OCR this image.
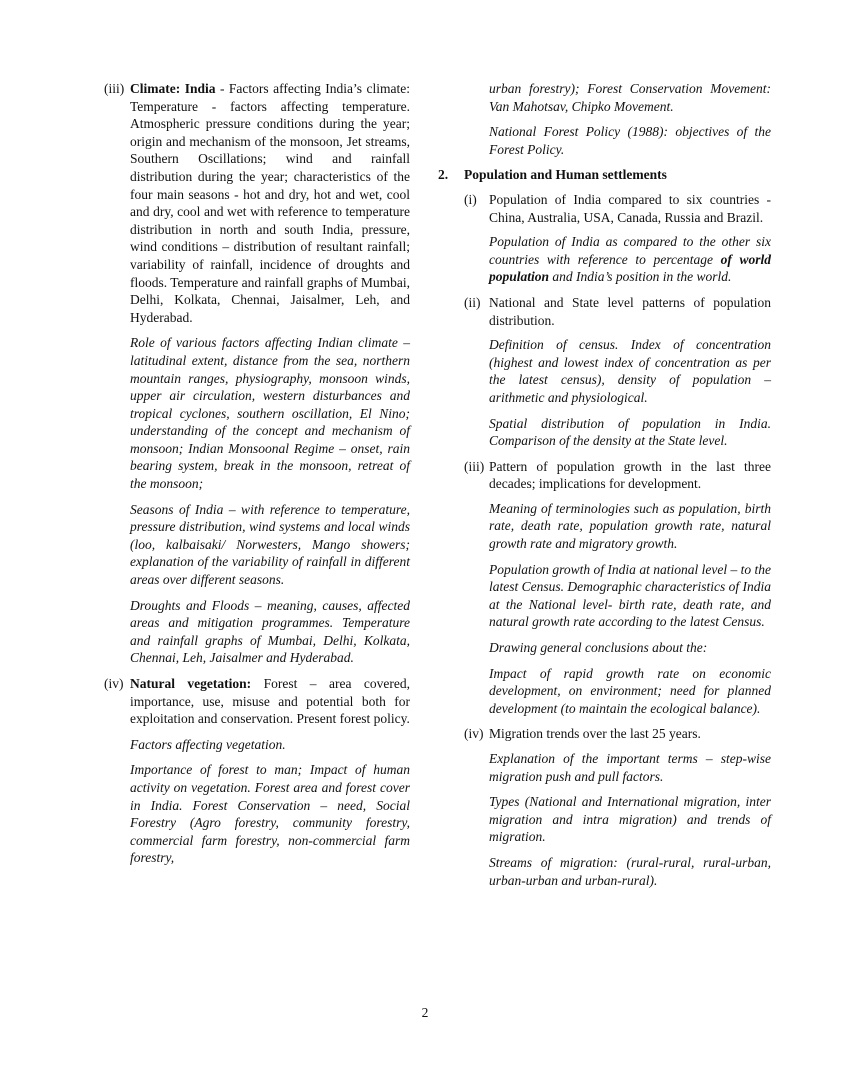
(iii) Climate: India - Factors affecting India’s climate: Temperature - factors affecting temperature. Atmospheric pressure conditions during the year; origin and mechanism of the monsoon, Jet streams, Southern Oscillations; wind and rainfall distribution during the year; characteristics of the four main seasons - hot and dry, hot and wet, cool and dry, cool and wet with reference to temperature distribution in north and south India, pressure, wind conditions – distribution of resultant rainfall; variability of rainfall, incidence of droughts and floods. Temperature and rainfall graphs of Mumbai, Delhi, Kolkata, Chennai, Jaisalmer, Leh, and Hyderabad.

Role of various factors affecting Indian climate – latitudinal extent, distance from the sea, northern mountain ranges, physiography, monsoon winds, upper air circulation, western disturbances and tropical cyclones, southern oscillation, El Nino; understanding of the concept and mechanism of monsoon; Indian Monsoonal Regime – onset, rain bearing system, break in the monsoon, retreat of the monsoon;

Seasons of India – with reference to temperature, pressure distribution, wind systems and local winds (loo, kalbaisaki/ Norwesters, Mango showers; explanation of the variability of rainfall in different areas over different seasons.

Droughts and Floods – meaning, causes, affected areas and mitigation programmes. Temperature and rainfall graphs of Mumbai, Delhi, Kolkata, Chennai, Leh, Jaisalmer and Hyderabad.

(iv) Natural vegetation: Forest – area covered, importance, use, misuse and potential both for exploitation and conservation. Present forest policy.

Factors affecting vegetation.

Importance of forest to man; Impact of human activity on vegetation. Forest area and forest cover in India. Forest Conservation – need, Social Forestry (Agro forestry, community forestry, commercial farm forestry, non-commercial farm forestry,

urban forestry); Forest Conservation Movement: Van Mahotsav, Chipko Movement.

National Forest Policy (1988): objectives of the Forest Policy.

2.	Population and Human settlements
(i) Population of India compared to six countries - China, Australia, USA, Canada, Russia and Brazil.

Population of India as compared to the other six countries with reference to percentage of world population and India’s position in the world.

(ii) National and State level patterns of population distribution.

Definition of census. Index of concentration (highest and lowest index of concentration as per the latest census), density of population – arithmetic and physiological.

Spatial distribution of population in India. Comparison of the density at the State level.

(iii) Pattern of population growth in the last three decades; implications for development.

Meaning of terminologies such as population, birth rate, death rate, population growth rate, natural growth rate and migratory growth.

Population growth of India at national level – to the latest Census. Demographic characteristics of India at the National level- birth rate, death rate, and natural growth rate according to the latest Census.

Drawing general conclusions about the:

Impact of rapid growth rate on economic development, on environment; need for planned development (to maintain the ecological balance).

(iv) Migration trends over the last 25 years.

Explanation of the important terms – step-wise migration push and pull factors.

Types (National and International migration, inter migration and intra migration) and trends of migration.

Streams of migration: (rural-rural, rural-urban, urban-urban and urban-rural).

2
